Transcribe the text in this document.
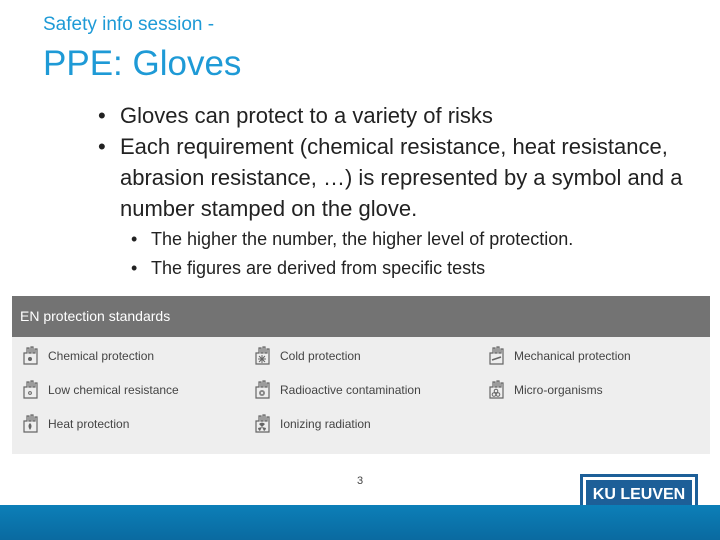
Safety info session -
PPE: Gloves
• Gloves can protect to a variety of risks
• Each requirement (chemical resistance, heat resistance, abrasion resistance, …) is represented by a symbol and a number stamped on the glove.
• The higher the number, the higher level of protection.
• The figures are derived from specific tests
EN protection standards
Chemical protection	Cold protection	Mechanical protection
Low chemical resistance	Radioactive contamination	Micro-organisms
Heat protection	Ionizing radiation
3
KU LEUVEN
